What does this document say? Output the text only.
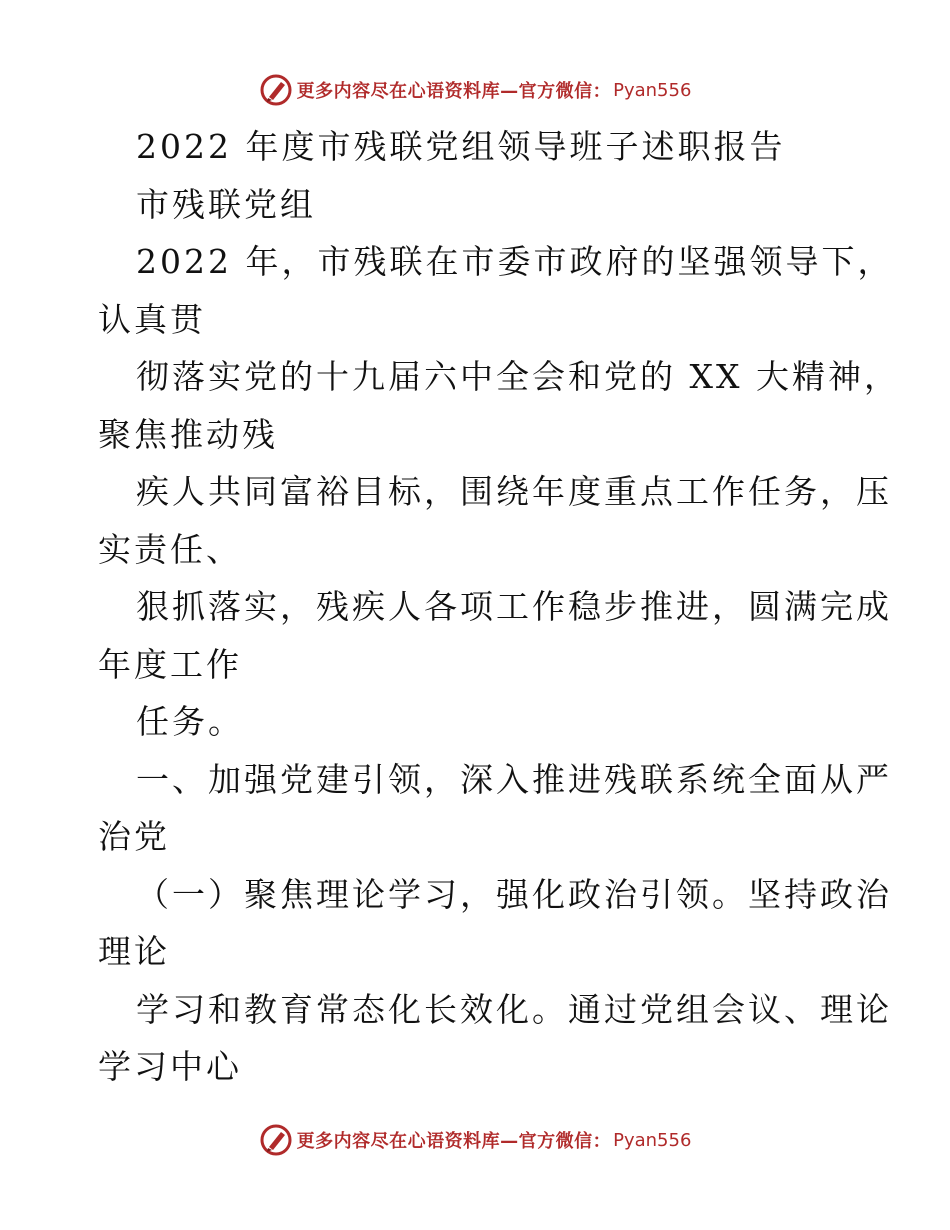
更多内容尽在心语资料库—官方微信： Pyan556
2022 年度市残联党组领导班子述职报告
市残联党组
2022 年，市残联在市委市政府的坚强领导下，
认真贯
彻落实党的十九届六中全会和党的 XX 大精神，
聚焦推动残
疾人共同富裕目标，围绕年度重点工作任务，压
实责任、
狠抓落实，残疾人各项工作稳步推进，圆满完成
年度工作
任务。
一、加强党建引领，深入推进残联系统全面从严
治党
（一）聚焦理论学习，强化政治引领。坚持政治
理论
学习和教育常态化长效化。通过党组会议、理论
学习中心
更多内容尽在心语资料库—官方微信： Pyan556
